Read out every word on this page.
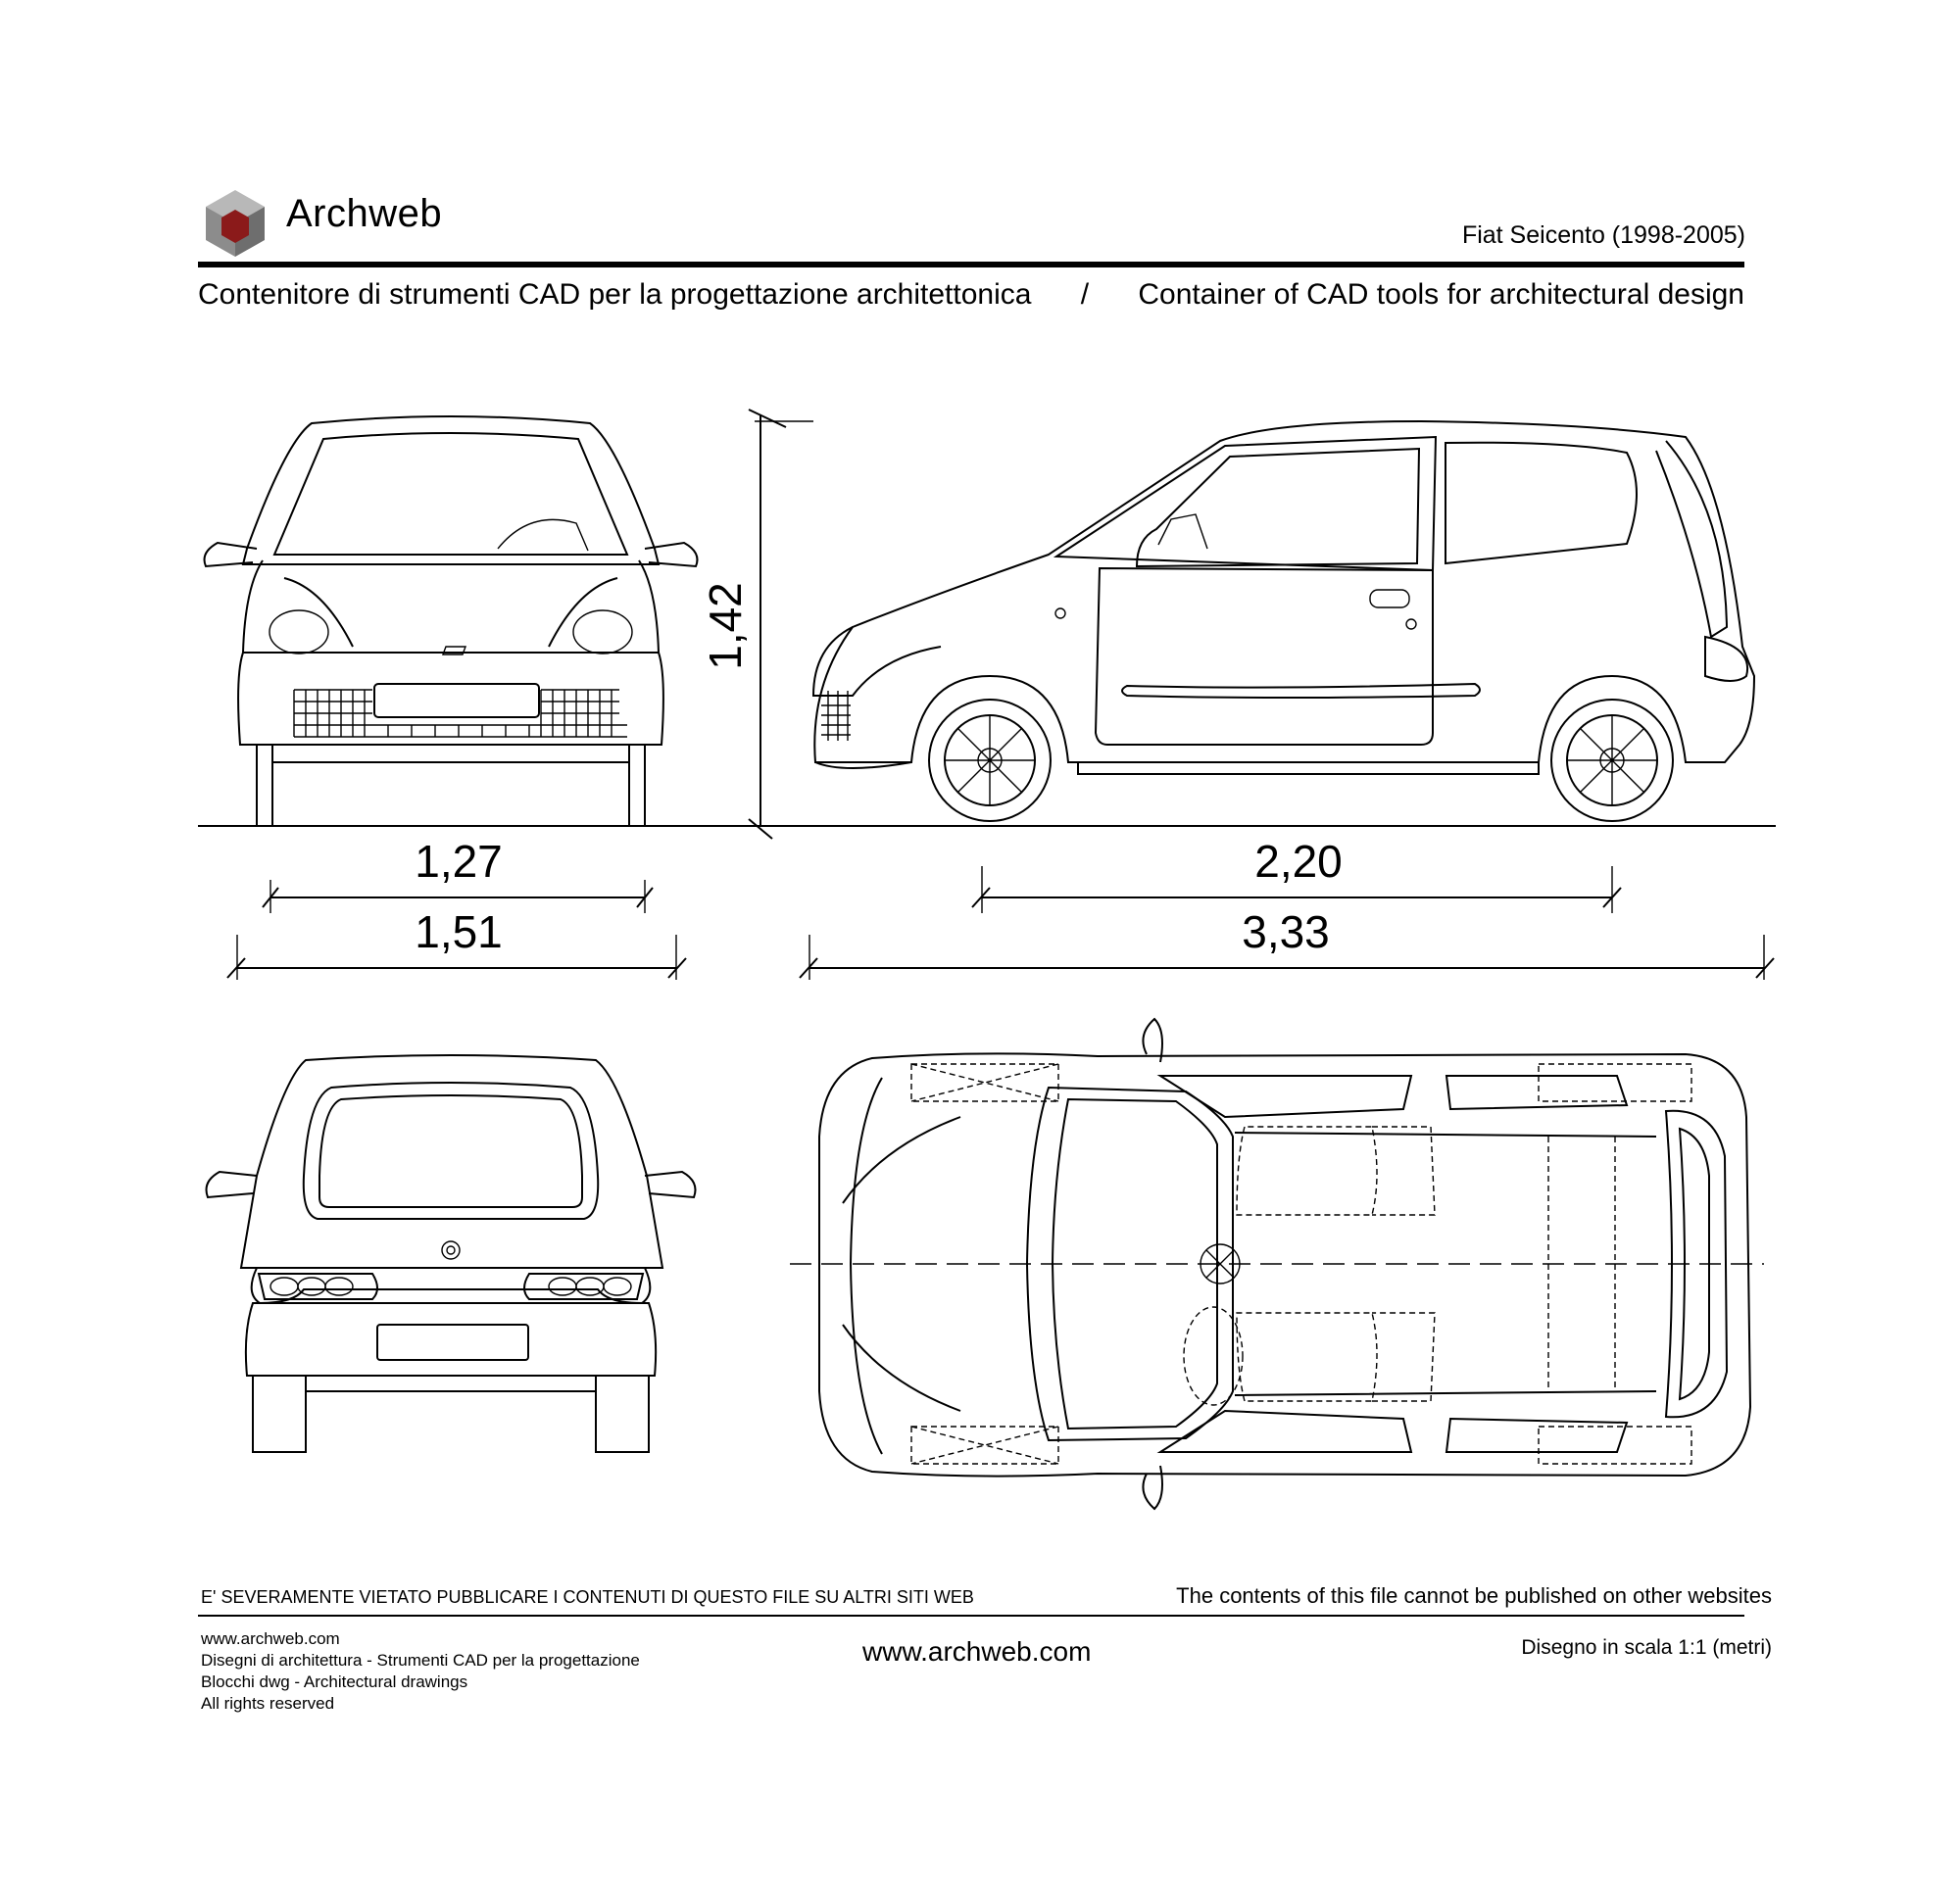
Archweb	Fiat Seicento (1998-2005)
Contenitore di strumenti CAD per la progettazione architettonica / Container of CAD tools for architectural design
1,27
1,51
1,42
2,20
3,33
E' SEVERAMENTE VIETATO PUBBLICARE I CONTENUTI DI QUESTO FILE SU ALTRI SITI WEB	The contents of this file cannot be published on other websites
www.archweb.com
Disegni di architettura - Strumenti CAD per la progettazione
Blocchi dwg - Architectural drawings
All rights reserved
www.archweb.com	Disegno in scala 1:1 (metri)
